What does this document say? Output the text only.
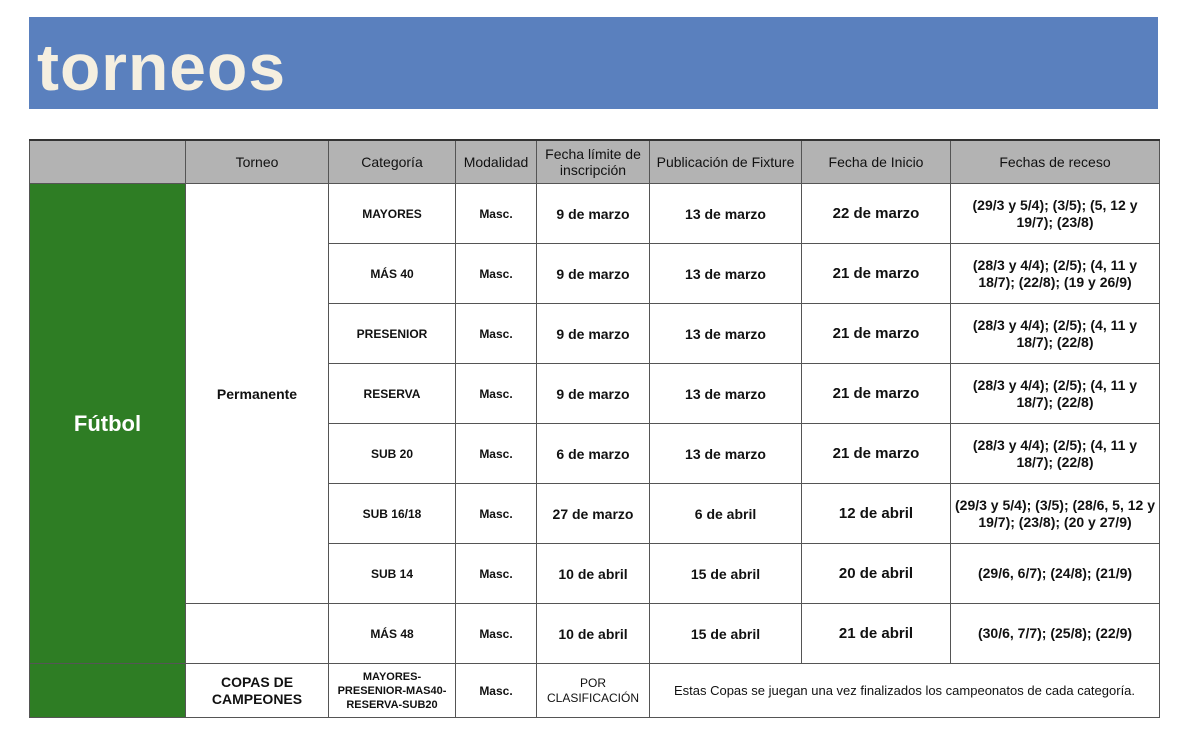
torneos
	Torneo	Categoría	Modalidad	Fecha límite de inscripción	Publicación de Fixture	Fecha de Inicio	Fechas de receso
Fútbol	Permanente	MAYORES	Masc.	9 de marzo	13 de marzo	22 de marzo	(29/3 y 5/4); (3/5); (5, 12 y 19/7); (23/8)
		MÁS 40	Masc.	9 de marzo	13 de marzo	21 de marzo	(28/3 y 4/4); (2/5); (4, 11 y 18/7); (22/8); (19 y 26/9)
		PRESENIOR	Masc.	9 de marzo	13 de marzo	21 de marzo	(28/3 y 4/4); (2/5); (4, 11 y 18/7); (22/8)
		RESERVA	Masc.	9 de marzo	13 de marzo	21 de marzo	(28/3 y 4/4); (2/5); (4, 11 y 18/7); (22/8)
		SUB 20	Masc.	6 de marzo	13 de marzo	21 de marzo	(28/3 y 4/4); (2/5); (4, 11 y 18/7); (22/8)
		SUB 16/18	Masc.	27 de marzo	6 de abril	12 de abril	(29/3 y 5/4); (3/5); (28/6, 5, 12 y 19/7); (23/8); (20 y 27/9)
		SUB 14	Masc.	10 de abril	15 de abril	20 de abril	(29/6, 6/7); (24/8); (21/9)
		MÁS 48	Masc.	10 de abril	15 de abril	21 de abril	(30/6, 7/7); (25/8); (22/9)
	COPAS DE CAMPEONES	MAYORES-PRESENIOR-MAS40-RESERVA-SUB20	Masc.	POR CLASIFICACIÓN	Estas Copas se juegan una vez finalizados los campeonatos de cada categoría.		
